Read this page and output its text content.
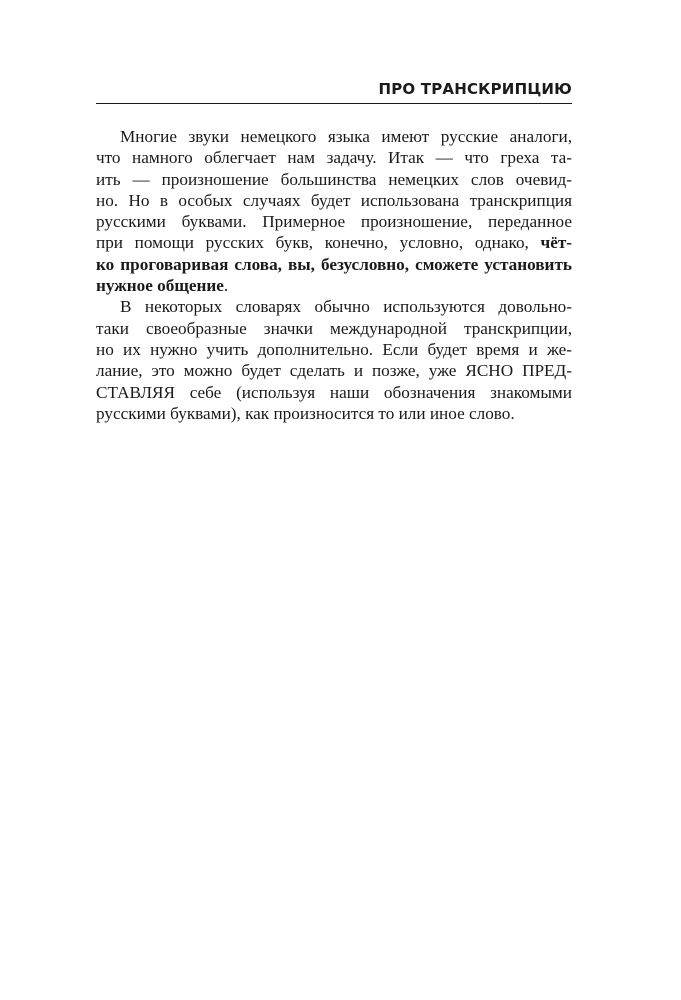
ПРО ТРАНСКРИПЦИЮ
Многие звуки немецкого языка имеют русские аналоги,
что намного облегчает нам задачу. Итак — что греха та-
ить — произношение большинства немецких слов очевид-
но. Но в особых случаях будет использована транскрипция
русскими буквами. Примерное произношение, переданное
при помощи русских букв, конечно, условно, однако, чёт-
ко проговаривая слова, вы, безусловно, сможете установить
нужное общение.
В некоторых словарях обычно используются довольно-
таки своеобразные значки международной транскрипции,
но их нужно учить дополнительно. Если будет время и же-
лание, это можно будет сделать и позже, уже ЯСНО ПРЕД-
СТАВЛЯЯ себе (используя наши обозначения знакомыми
русскими буквами), как произносится то или иное слово.
